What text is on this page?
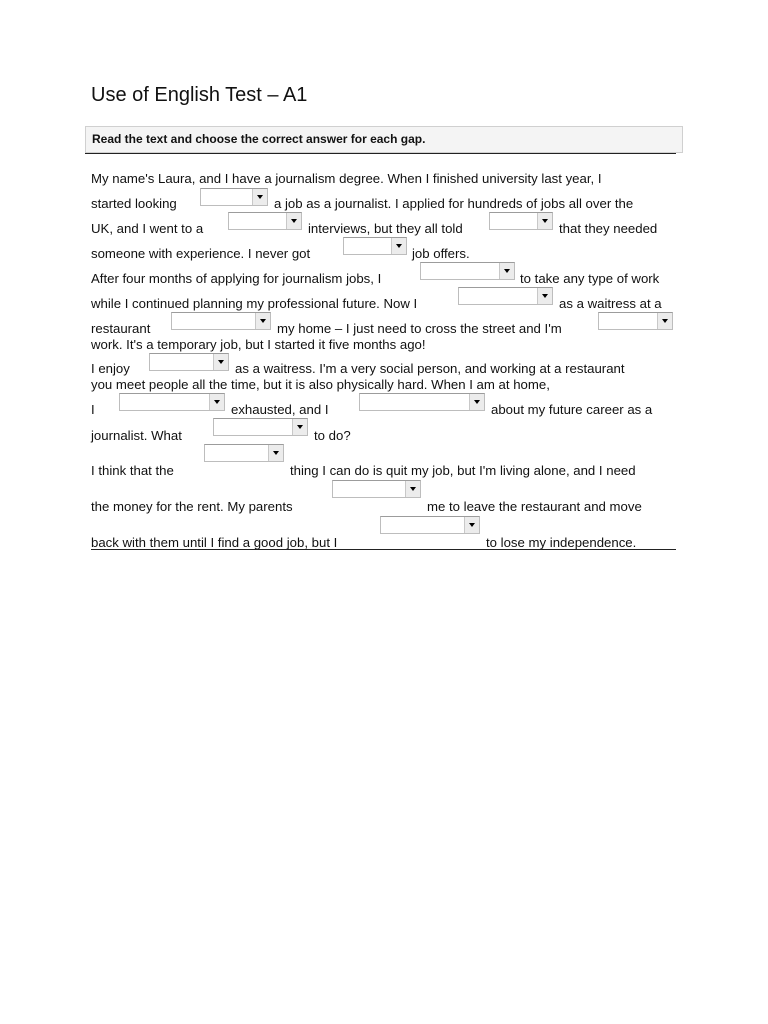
Use of English Test – A1
Read the text and choose the correct answer for each gap.
My name's Laura, and I have a journalism degree. When I finished university last year, I
started looking	a job as a journalist. I applied for hundreds of jobs all over the
UK, and I went to a	interviews, but they all told	that they needed
someone with experience. I never got	job offers.
After four months of applying for journalism jobs, I	to take any type of work
while I continued planning my professional future. Now I	as a waitress at a
restaurant	my home – I just need to cross the street and I'm
work. It's a temporary job, but I started it five months ago!
I enjoy	as a waitress. I'm a very social person, and working at a restaurant
you meet people all the time, but it is also physically hard. When I am at home,
I	exhausted, and I	about my future career as a
journalist. What	to do?
I think that the	thing I can do is quit my job, but I'm living alone, and I need
the money for the rent. My parents	me to leave the restaurant and move
back with them until I find a good job, but I	to lose my independence.
